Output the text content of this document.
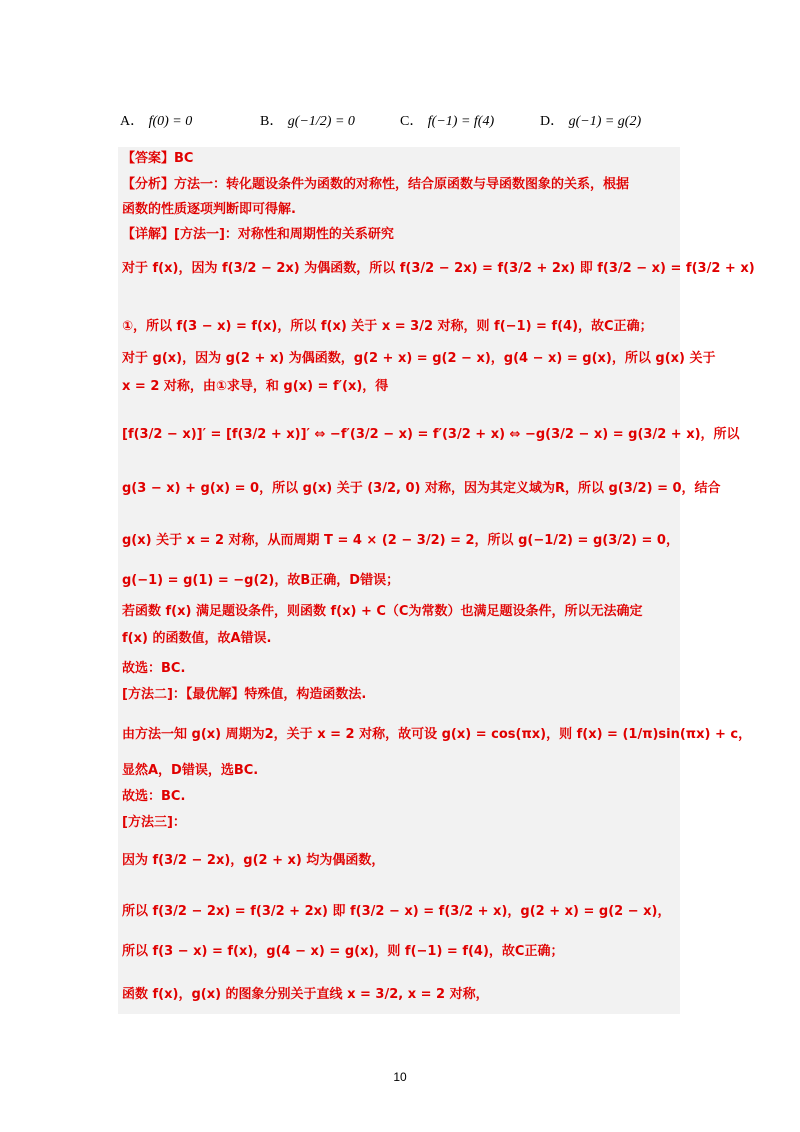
A． f(0) = 0	B． g(−1/2) = 0	C． f(−1) = f(4)	D． g(−1) = g(2)
【答案】BC
【分析】方法一：转化题设条件为函数的对称性，结合原函数与导函数图象的关系，根据
函数的性质逐项判断即可得解.
【详解】[方法一]：对称性和周期性的关系研究
对于 f(x)，因为 f(3/2 − 2x) 为偶函数，所以 f(3/2 − 2x) = f(3/2 + 2x) 即 f(3/2 − x) = f(3/2 + x)
①，所以 f(3 − x) = f(x)，所以 f(x) 关于 x = 3/2 对称，则 f(−1) = f(4)，故C正确；
对于 g(x)，因为 g(2 + x) 为偶函数，g(2 + x) = g(2 − x)，g(4 − x) = g(x)，所以 g(x) 关于
x = 2 对称，由①求导，和 g(x) = f′(x)，得
[f(3/2 − x)]′ = [f(3/2 + x)]′ ⇔ −f′(3/2 − x) = f′(3/2 + x) ⇔ −g(3/2 − x) = g(3/2 + x)，所以
g(3 − x) + g(x) = 0，所以 g(x) 关于 (3/2, 0) 对称，因为其定义域为R，所以 g(3/2) = 0，结合
g(x) 关于 x = 2 对称，从而周期 T = 4 × (2 − 3/2) = 2，所以 g(−1/2) = g(3/2) = 0，
g(−1) = g(1) = −g(2)，故B正确，D错误；
若函数 f(x) 满足题设条件，则函数 f(x) + C（C为常数）也满足题设条件，所以无法确定
f(x) 的函数值，故A错误.
故选：BC.
[方法二]：【最优解】特殊值，构造函数法.
由方法一知 g(x) 周期为2，关于 x = 2 对称，故可设 g(x) = cos(πx)，则 f(x) = (1/π)sin(πx) + c，
显然A，D错误，选BC.
故选：BC.
[方法三]：
因为 f(3/2 − 2x)，g(2 + x) 均为偶函数，
所以 f(3/2 − 2x) = f(3/2 + 2x) 即 f(3/2 − x) = f(3/2 + x)，g(2 + x) = g(2 − x)，
所以 f(3 − x) = f(x)，g(4 − x) = g(x)，则 f(−1) = f(4)，故C正确；
函数 f(x)，g(x) 的图象分别关于直线 x = 3/2, x = 2 对称，
10
